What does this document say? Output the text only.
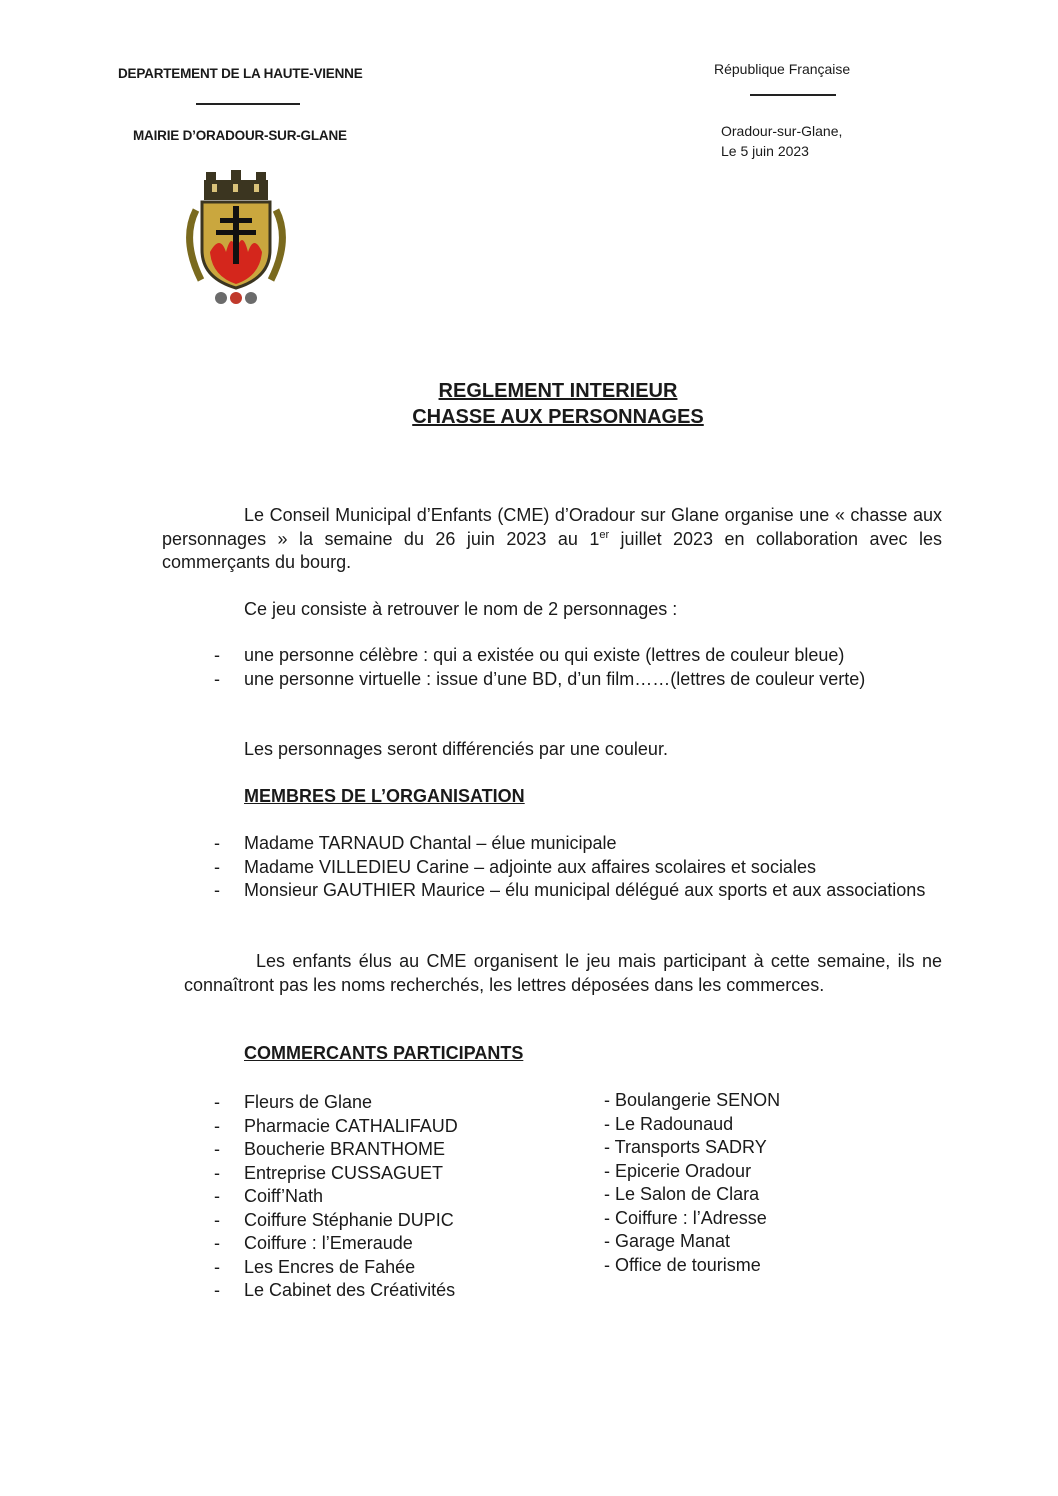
DEPARTEMENT DE LA HAUTE-VIENNE
MAIRIE D’ORADOUR-SUR-GLANE
République Française
Oradour-sur-Glane,
Le 5 juin 2023
REGLEMENT INTERIEUR
CHASSE AUX PERSONNAGES
Le Conseil Municipal d’Enfants (CME) d’Oradour sur Glane organise une « chasse aux personnages » la semaine du 26 juin 2023 au 1er juillet 2023 en collaboration avec les commerçants du bourg.
Ce jeu consiste à retrouver le nom de 2 personnages :
- une personne célèbre : qui a existée ou qui existe (lettres de couleur bleue)
- une personne virtuelle : issue d’une BD, d’un film……(lettres de couleur verte)
Les personnages seront différenciés par une couleur.
MEMBRES DE L’ORGANISATION
- Madame TARNAUD Chantal – élue municipale
- Madame VILLEDIEU Carine – adjointe aux affaires scolaires et sociales
- Monsieur GAUTHIER Maurice – élu municipal délégué aux sports et aux associations
Les enfants élus au CME organisent le jeu mais participant à cette semaine, ils ne connaîtront pas les noms recherchés, les lettres déposées dans les commerces.
COMMERCANTS PARTICIPANTS
- Fleurs de Glane
- Pharmacie CATHALIFAUD
- Boucherie BRANTHOME
- Entreprise CUSSAGUET
- Coiff’Nath
- Coiffure Stéphanie DUPIC
- Coiffure : l’Emeraude
- Les Encres de Fahée
- Le Cabinet des Créativités
- Boulangerie SENON
- Le Radounaud
- Transports SADRY
- Epicerie Oradour
- Le Salon de Clara
- Coiffure : l’Adresse
- Garage Manat
- Office de tourisme
